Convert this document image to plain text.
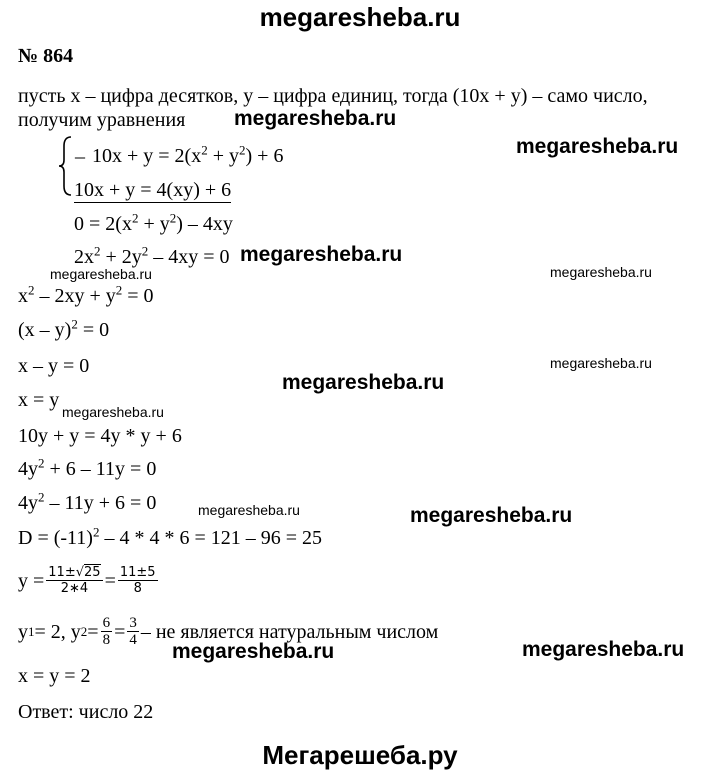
megaresheba.ru
№ 864
пусть x – цифра десятков, y – цифра единиц, тогда (10x + y) – само число,
получим уравнения
_ $10x + y = 2(x^2 + y^2) + 6$
10x + y = 4(xy) + 6
$0 = 2(x^2 + y^2) - 4xy$
$2x^2 + 2y^2 - 4xy = 0$
$x^2 - 2xy + y^2 = 0$
(x – y)$^2$ = 0
x – y = 0
x = y
10y + y = 4y * y + 6
$4y^2 + 6 - 11y = 0$
$4y^2 - 11y + 6 = 0$
$D = (-11)^2 - 4 * 4 * 6 = 121 - 96 = 25$
$y = \frac{11\pm√25}{2∗4} = \frac{11\pm 5}{8}$
y 1 = 2, y $2 = \frac{6}{8} = \frac{3}{4}$ – не является натуральным числом
x = y = 2
Ответ: число 22
megaresheba.ru
megaresheba.ru
megaresheba.ru
megaresheba.ru	megaresheba.ru
megaresheba.ru
megaresheba.ru
megaresheba.ru
megaresheba.ru	megaresheba.ru
megaresheba.ru	megaresheba.ru
Мегарешеба.ру
